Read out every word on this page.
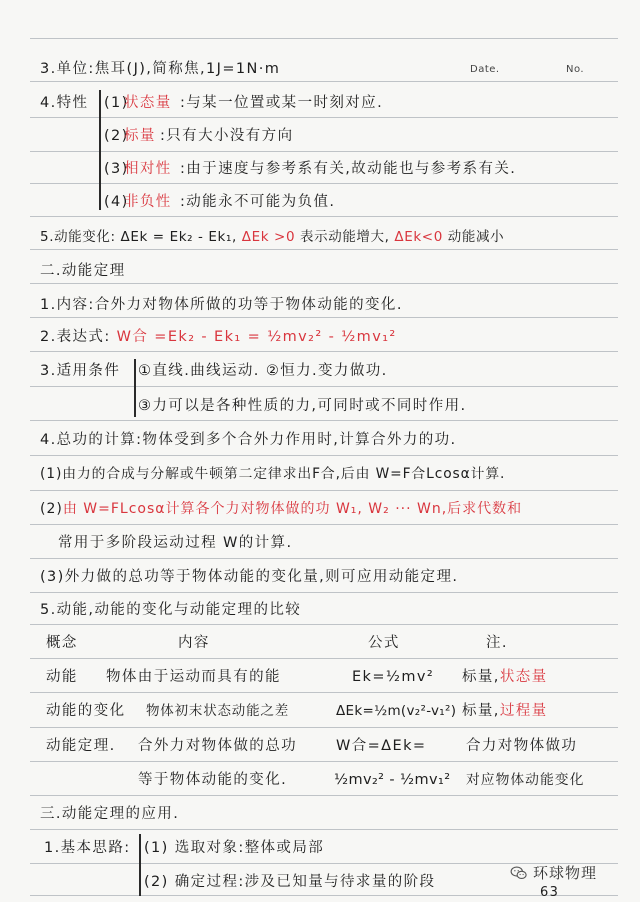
Date.	No.
3.单位:焦耳(J),简称焦,1J=1N·m
4.特性 (1)
状态量 :与某一位置或某一时刻对应.
(2)
标量 :只有大小没有方向
(3)
相对性 :由于速度与参考系有关,故动能也与参考系有关.
(4)
非负性 :动能永不可能为负值.
5.动能变化: ΔEk = Ek₂ - Ek₁, ΔEk >0 表示动能增大, ΔEk<0 动能减小
二.动能定理
1.内容:合外力对物体所做的功等于物体动能的变化.
2.表达式: W合 =Ek₂ - Ek₁ = ½mv₂² - ½mv₁²
3.适用条件 ①直线.曲线运动. ②恒力.变力做功.
③力可以是各种性质的力,可同时或不同时作用.
4.总功的计算:物体受到多个合外力作用时,计算合外力的功.
(1)由力的合成与分解或牛顿第二定律求出F合,后由 W=F合Lcosα计算.
(2)由 W=FLcosα计算各个力对物体做的功 W₁, W₂ ··· Wn,后求代数和
常用于多阶段运动过程 W的计算.
(3)外力做的总功等于物体动能的变化量,则可应用动能定理.
5.动能,动能的变化与动能定理的比较
概念	内容	公式	注.
动能 物体由于运动而具有的能	Ek=½mv² 标量,状态量
动能的变化 物体初末状态动能之差	ΔEk=½m(v₂²-v₁²) 标量,过程量
动能定理. 合外力对物体做的总功	W合=ΔEk=	合力对物体做功
等于物体动能的变化.	½mv₂² - ½mv₁² 对应物体动能变化
三.动能定理的应用.
1.基本思路: (1) 选取对象:整体或局部
(2) 确定过程:涉及已知量与待求量的阶段	环球物理
63
